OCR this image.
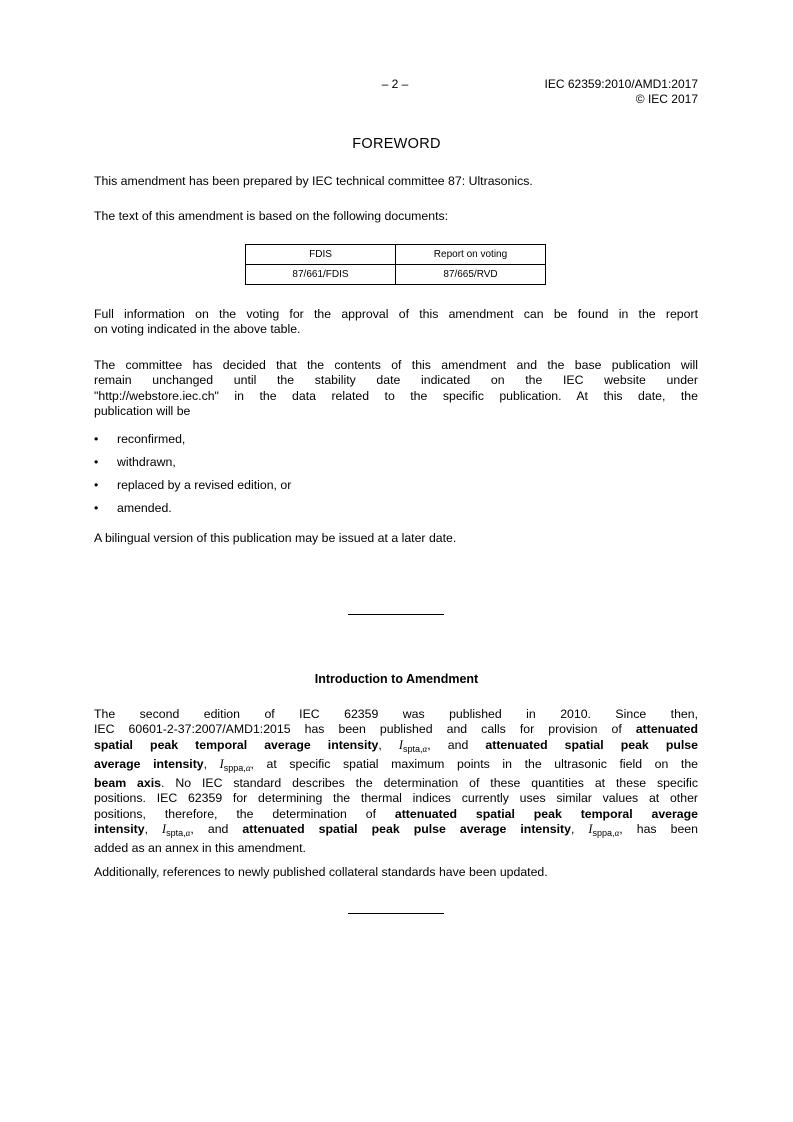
– 2 –	IEC 62359:2010/AMD1:2017
© IEC 2017
FOREWORD
This amendment has been prepared by IEC technical committee 87: Ultrasonics.
The text of this amendment is based on the following documents:
FDIS	Report on voting
87/661/FDIS	87/665/RVD
Full information on the voting for the approval of this amendment can be found in the report
on voting indicated in the above table.
The committee has decided that the contents of this amendment and the base publication will
remain unchanged until the stability date indicated on the IEC website under
"http://webstore.iec.ch" in the data related to the specific publication. At this date, the
publication will be
• reconfirmed,
• withdrawn,
• replaced by a revised edition, or
• amended.
A bilingual version of this publication may be issued at a later date.
Introduction to Amendment
The second edition of IEC 62359 was published in 2010. Since then,
IEC 60601-2-37:2007/AMD1:2015 has been published and calls for provision of attenuated
spatial peak temporal average intensity, $I_{spta,\alpha}$, and attenuated spatial peak pulse
average intensity, $I_{sppa,\alpha}$, at specific spatial maximum points in the ultrasonic field on the
beam axis. No IEC standard describes the determination of these quantities at these specific
positions. IEC 62359 for determining the thermal indices currently uses similar values at other
positions, therefore, the determination of attenuated spatial peak temporal average
intensity, $I_{spta,\alpha}$, and attenuated spatial peak pulse average intensity, $I_{sppa,\alpha}$, has been
added as an annex in this amendment.
Additionally, references to newly published collateral standards have been updated.
